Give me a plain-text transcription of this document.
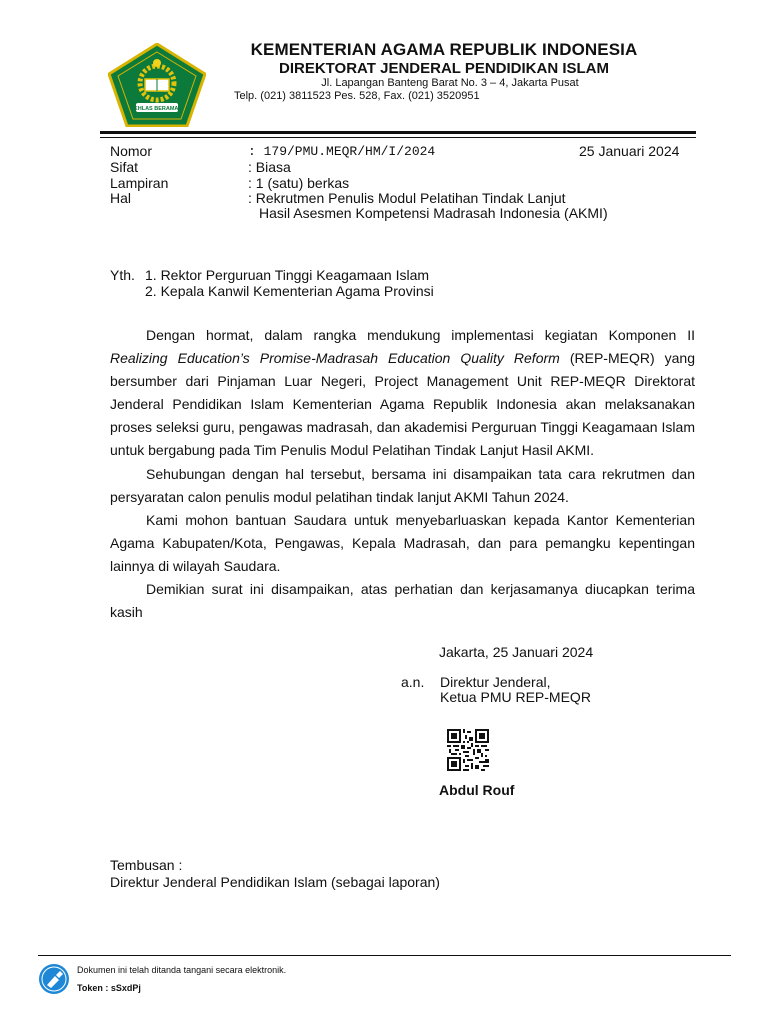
IKHLAS BERAMAL
KEMENTERIAN AGAMA REPUBLIK INDONESIA
DIREKTORAT JENDERAL PENDIDIKAN ISLAM
Jl. Lapangan Banteng Barat No. 3 – 4, Jakarta Pusat
Telp. (021) 3811523 Pes. 528, Fax. (021) 3520951
Nomor	: 179/PMU.MEQR/HM/I/2024	25 Januari 2024
Sifat	: Biasa
Lampiran	: 1 (satu) berkas
Hal	: Rekrutmen Penulis Modul Pelatihan Tindak Lanjut
Hasil Asesmen Kompetensi Madrasah Indonesia (AKMI)
Yth. 1. Rektor Perguruan Tinggi Keagamaan Islam
2. Kepala Kanwil Kementerian Agama Provinsi

Dengan hormat, dalam rangka mendukung implementasi kegiatan Komponen II Realizing Education’s Promise-Madrasah Education Quality Reform (REP-MEQR) yang bersumber dari Pinjaman Luar Negeri, Project Management Unit REP-MEQR Direktorat Jenderal Pendidikan Islam Kementerian Agama Republik Indonesia akan melaksanakan proses seleksi guru, pengawas madrasah, dan akademisi Perguruan Tinggi Keagamaan Islam untuk bergabung pada Tim Penulis Modul Pelatihan Tindak Lanjut Hasil AKMI.

Sehubungan dengan hal tersebut, bersama ini disampaikan tata cara rekrutmen dan persyaratan calon penulis modul pelatihan tindak lanjut AKMI Tahun 2024.

Kami mohon bantuan Saudara untuk menyebarluaskan kepada Kantor Kementerian Agama Kabupaten/Kota, Pengawas, Kepala Madrasah, dan para pemangku kepentingan lainnya di wilayah Saudara.

Demikian surat ini disampaikan, atas perhatian dan kerjasamanya diucapkan terima kasih

Jakarta, 25 Januari 2024
a.n. Direktur Jenderal,
Ketua PMU REP-MEQR
Abdul Rouf
Tembusan :
Direktur Jenderal Pendidikan Islam (sebagai laporan)
Dokumen ini telah ditanda tangani secara elektronik.
Token : sSxdPj
